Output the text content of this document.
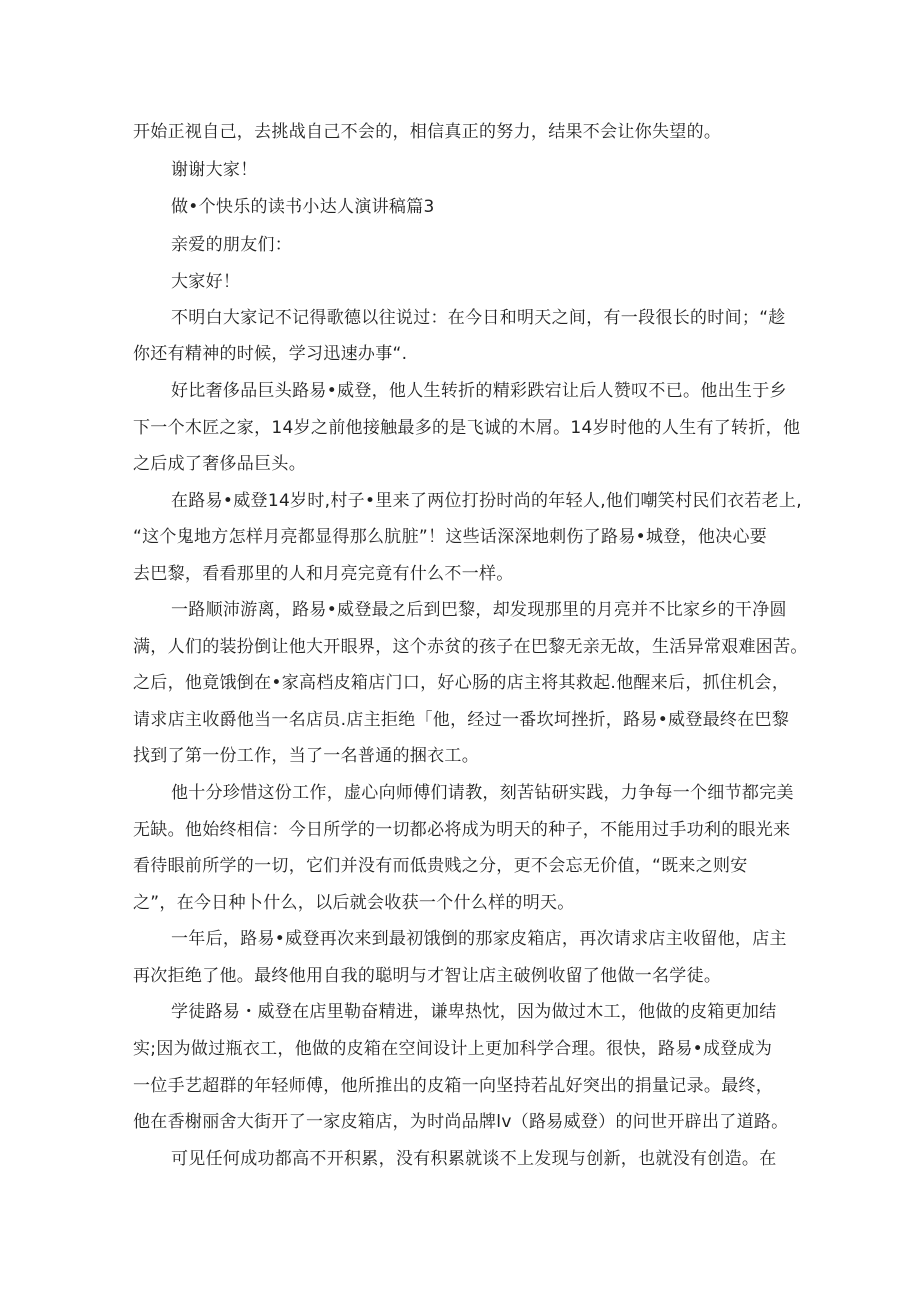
开始正视自己，去挑战自己不会的，相信真正的努力，结果不会让你失望的。
谢谢大家！
做•个快乐的读书小达人演讲稿篇3
亲爱的朋友们：
大家好！
不明白大家记不记得歌德以往说过：在今日和明天之间，有一段很长的时间；“趁
你还有精神的时候，学习迅速办事“.
好比奢侈品巨头路易•威登，他人生转折的精彩跌宕让后人赞叹不已。他出生于乡
下一个木匠之家，14岁之前他接触最多的是飞诚的木屑。14岁时他的人生有了转折，他
之后成了奢侈品巨头。
在路易•威登14岁时,村子•里来了两位打扮时尚的年轻人,他们嘲笑村民们衣若老上,
“这个鬼地方怎样月亮都显得那么肮脏”！这些话深深地刺伤了路易•城登，他决心要
去巴黎，看看那里的人和月亮完竟有什么不一样。
一路顺沛游离，路易•威登最之后到巴黎，却发现那里的月亮并不比家乡的干净圆
满，人们的装扮倒让他大开眼界，这个赤贫的孩子在巴黎无亲无故，生活异常艰难困苦。
之后，他竟饿倒在•家高档皮箱店门口，好心肠的店主将其救起.他醒来后，抓住机会，
请求店主收爵他当一名店员.店主拒绝「他，经过一番坎坷挫折，路易•威登最终在巴黎
找到了第一份工作，当了一名普通的捆衣工。
他十分珍惜这份工作，虚心向师傅们请教，刻苦钻研实践，力争每一个细节都完美
无缺。他始终相信：今日所学的一切都必将成为明天的种子，不能用过手功利的眼光来
看待眼前所学的一切，它们并没有而低贵贱之分，更不会忘无价值，“既来之则安
之”，在今日种卜什么，以后就会收获一个什么样的明天。
一年后，路易•威登再次来到最初饿倒的那家皮箱店，再次请求店主收留他，店主
再次拒绝了他。最终他用自我的聪明与才智让店主破例收留了他做一名学徒。
学徒路易・威登在店里勒奋精进，谦卑热忱，因为做过木工，他做的皮箱更加结
实;因为做过瓶衣工，他做的皮箱在空间设计上更加科学合理。很快，路易•成登成为
一位手艺超群的年轻师傅，他所推出的皮箱一向坚持若乩好突出的捐量记录。最终，
他在香榭丽舍大街开了一家皮箱店，为时尚品牌lv（路易威登）的问世开辟出了道路。
可见任何成功都高不开积累，没有积累就谈不上发现与创新，也就没有创造。在
